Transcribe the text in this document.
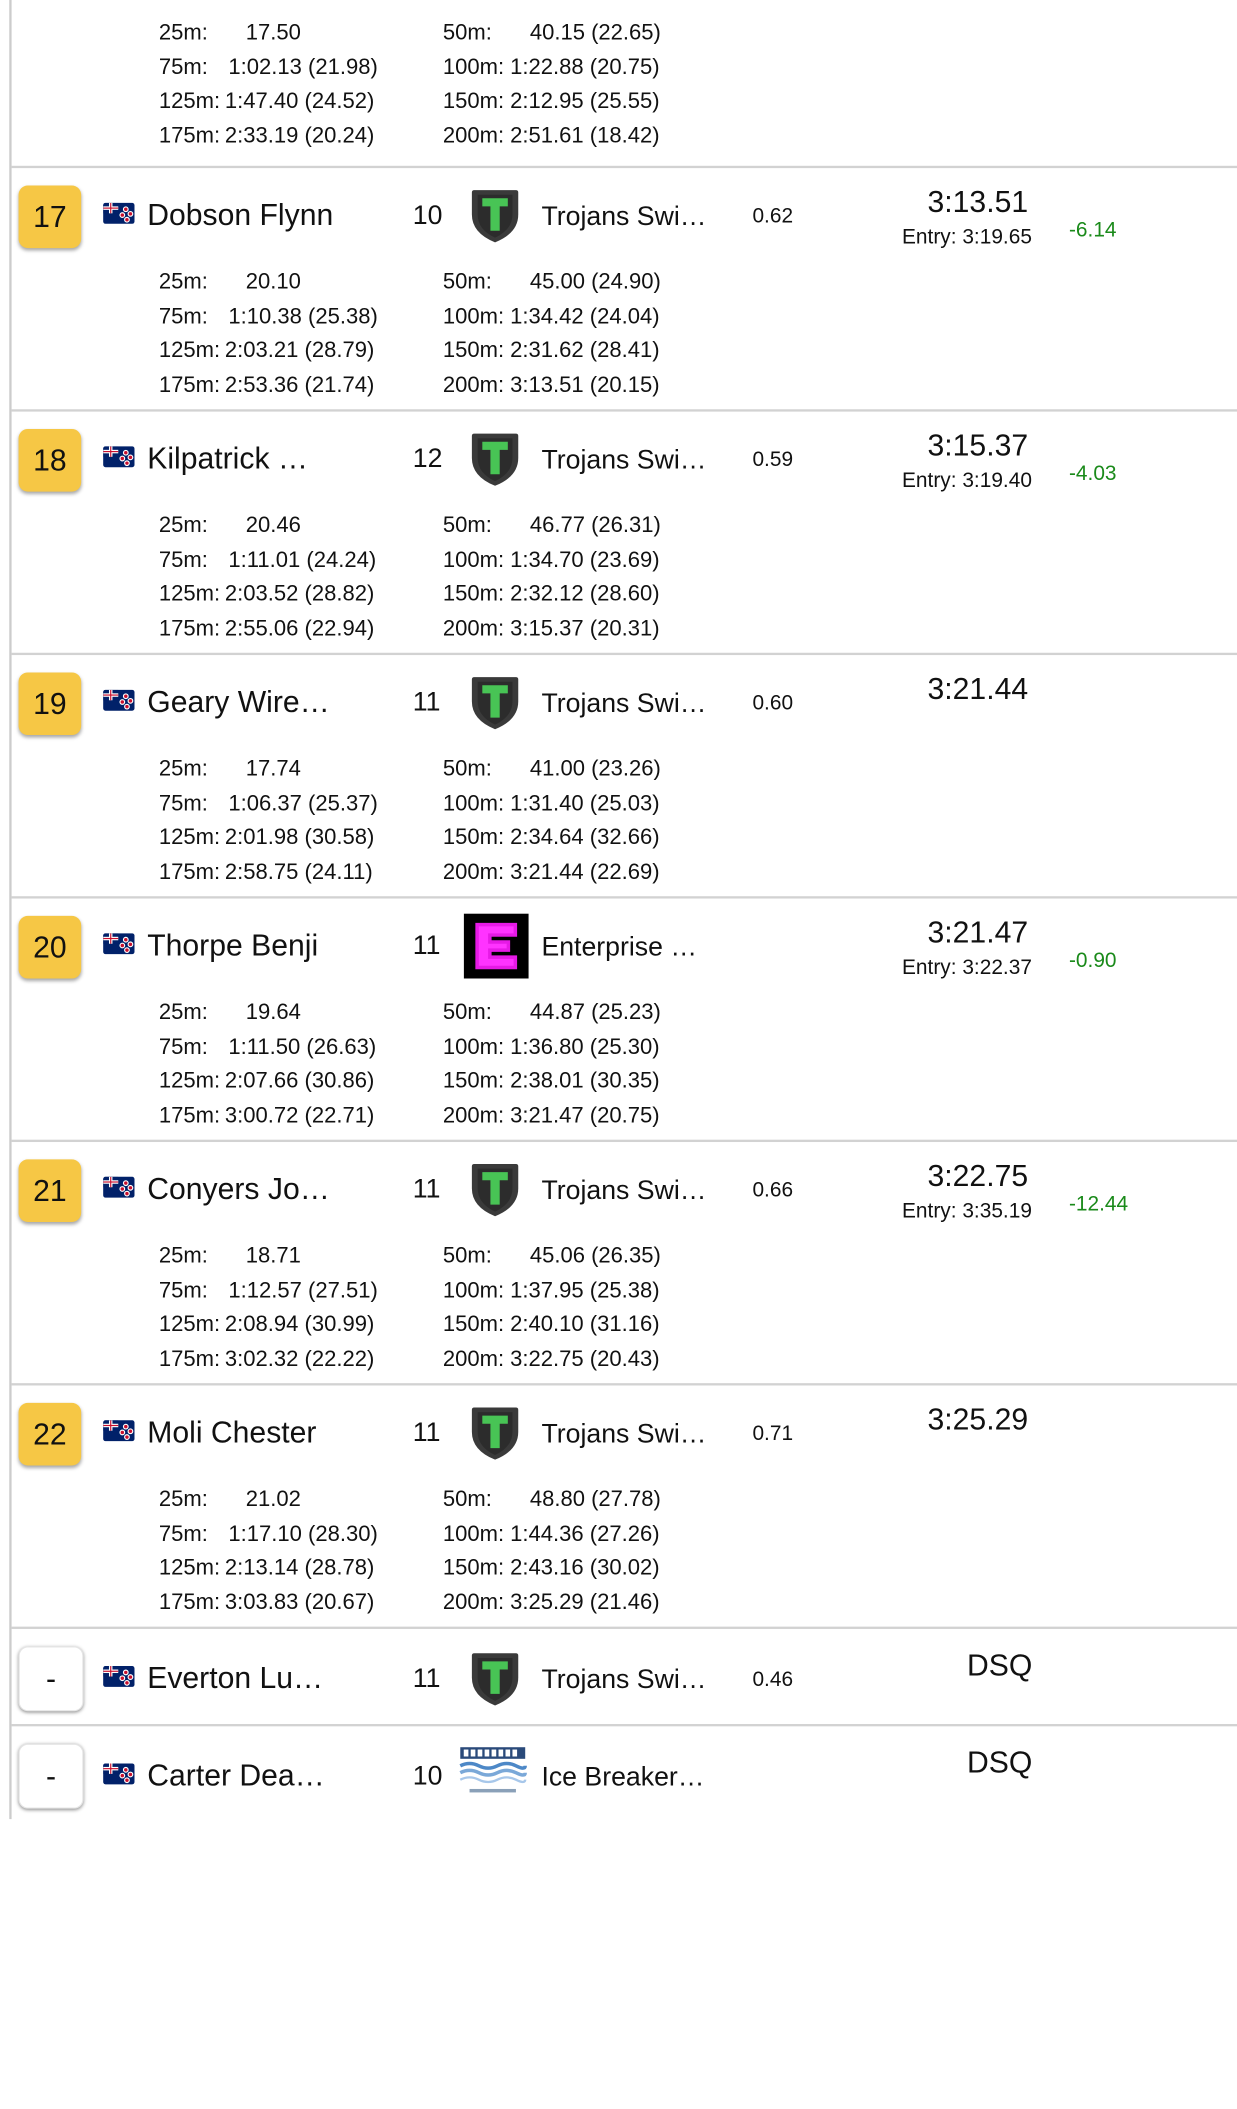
25m: 17.50	50m: 40.15 (22.65)
75m: 1:02.13 (21.98)	100m: 1:22.88 (20.75)
125m: 1:47.40 (24.52)	150m: 2:12.95 (25.55)
175m: 2:33.19 (20.24)	200m: 2:51.61 (18.42)
17	Dobson Flynn	10	Trojans Swi…	0.62	3:13.51
Entry: 3:19.65 -6.14
25m: 20.10	50m: 45.00 (24.90)
75m: 1:10.38 (25.38)	100m: 1:34.42 (24.04)
125m: 2:03.21 (28.79)	150m: 2:31.62 (28.41)
175m: 2:53.36 (21.74)	200m: 3:13.51 (20.15)
18	Kilpatrick …	12	Trojans Swi…	0.59	3:15.37
Entry: 3:19.40 -4.03
25m: 20.46	50m: 46.77 (26.31)
75m: 1:11.01 (24.24)	100m: 1:34.70 (23.69)
125m: 2:03.52 (28.82)	150m: 2:32.12 (28.60)
175m: 2:55.06 (22.94)	200m: 3:15.37 (20.31)
19	Geary Wire…	11	Trojans Swi…	0.60	3:21.44
25m: 17.74	50m: 41.00 (23.26)
75m: 1:06.37 (25.37)	100m: 1:31.40 (25.03)
125m: 2:01.98 (30.58)	150m: 2:34.64 (32.66)
175m: 2:58.75 (24.11)	200m: 3:21.44 (22.69)
20	Thorpe Benji	11	Enterprise …	3:21.47
Entry: 3:22.37 -0.90
25m: 19.64	50m: 44.87 (25.23)
75m: 1:11.50 (26.63)	100m: 1:36.80 (25.30)
125m: 2:07.66 (30.86)	150m: 2:38.01 (30.35)
175m: 3:00.72 (22.71)	200m: 3:21.47 (20.75)
21	Conyers Jo…	11	Trojans Swi…	0.66	3:22.75
Entry: 3:35.19 -12.44
25m: 18.71	50m: 45.06 (26.35)
75m: 1:12.57 (27.51)	100m: 1:37.95 (25.38)
125m: 2:08.94 (30.99)	150m: 2:40.10 (31.16)
175m: 3:02.32 (22.22)	200m: 3:22.75 (20.43)
22	Moli Chester	11	Trojans Swi…	0.71	3:25.29
25m: 21.02	50m: 48.80 (27.78)
75m: 1:17.10 (28.30)	100m: 1:44.36 (27.26)
125m: 2:13.14 (28.78)	150m: 2:43.16 (30.02)
175m: 3:03.83 (20.67)	200m: 3:25.29 (21.46)
-	Everton Lu…	11	Trojans Swi…	0.46	DSQ
-	Carter Dea…	10	Ice Breaker…	DSQ
